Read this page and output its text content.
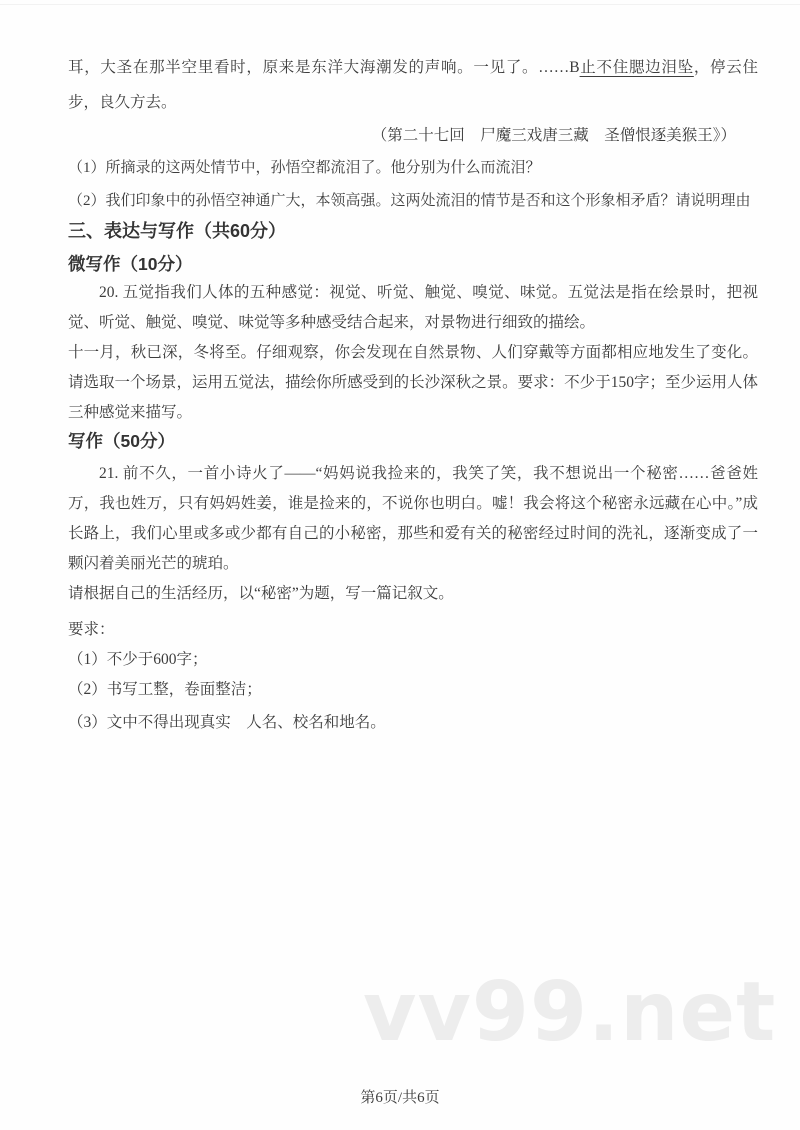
vv99.net

耳，大圣在那半空里看时，原来是东洋大海潮发的声响。一见了。……B止不住腮边泪坠，停云住步，良久方去。

（第二十七回　尸魔三戏唐三藏　圣僧恨逐美猴王》）

（1）所摘录的这两处情节中，孙悟空都流泪了。他分别为什么而流泪？

（2）我们印象中的孙悟空神通广大，本领高强。这两处流泪的情节是否和这个形象相矛盾？请说明理由

三、表达与写作（共60分）
微写作（10分）

20. 五觉指我们人体的五种感觉：视觉、听觉、触觉、嗅觉、味觉。五觉法是指在绘景时，把视觉、听觉、触觉、嗅觉、味觉等多种感受结合起来，对景物进行细致的描绘。

十一月，秋已深，冬将至。仔细观察，你会发现在自然景物、人们穿戴等方面都相应地发生了变化。请选取一个场景，运用五觉法，描绘你所感受到的长沙深秋之景。要求：不少于150字；至少运用人体三种感觉来描写。

写作（50分）

21. 前不久，一首小诗火了——“妈妈说我捡来的，我笑了笑，我不想说出一个秘密……爸爸姓万，我也姓万，只有妈妈姓姜，谁是捡来的，不说你也明白。嘘！我会将这个秘密永远藏在心中。”成长路上，我们心里或多或少都有自己的小秘密，那些和爱有关的秘密经过时间的洗礼，逐渐变成了一颗闪着美丽光芒的琥珀。

请根据自己的生活经历，以“秘密”为题，写一篇记叙文。

要求：

（1）不少于600字；

（2）书写工整，卷面整洁；

（3）文中不得出现真实　人名、校名和地名。

第6页/共6页
